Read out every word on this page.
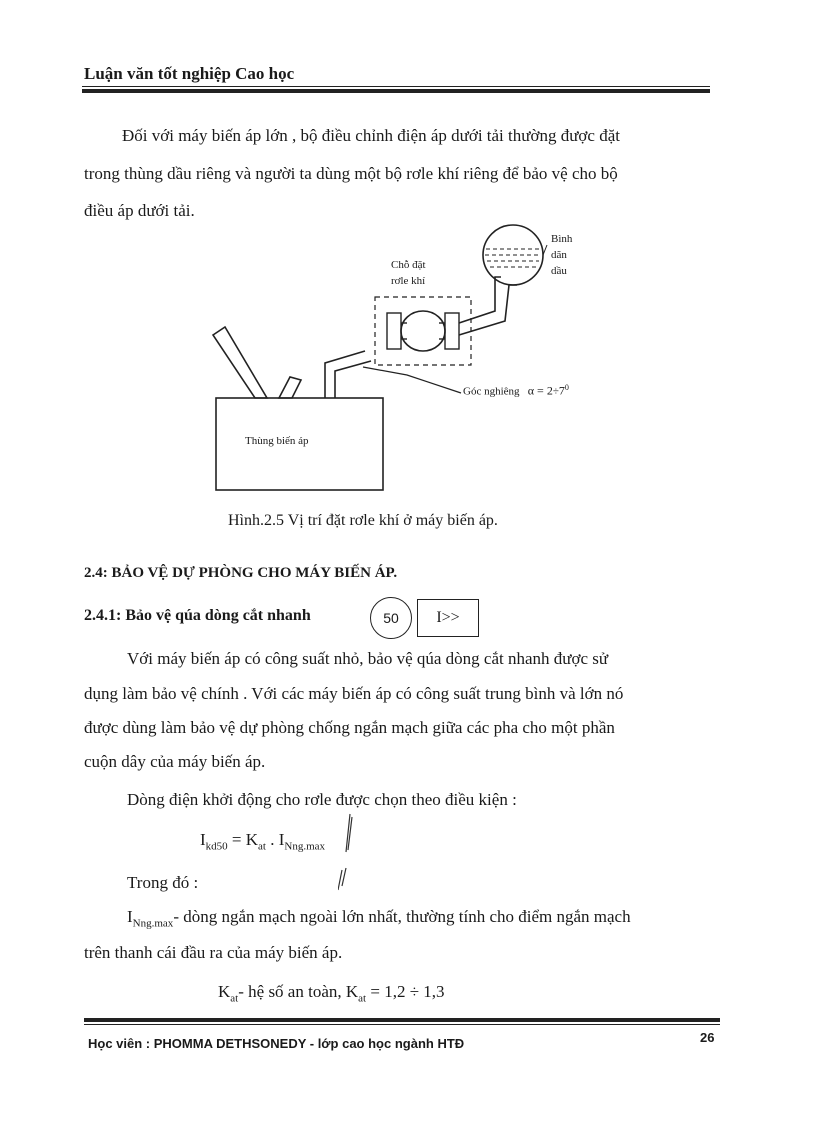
Luận văn tốt nghiệp Cao học
Đối với máy biến áp lớn , bộ điều chỉnh điện áp dưới tải thường được đặt
trong thùng dầu riêng và người ta dùng một bộ rơle khí riêng để bảo vệ cho bộ
điều áp dưới tải.
Thùng biến áp
Chỗ đặt
rơle khí
Bình
dãn
dầu
Góc nghiêng $\alpha = 2\div 7^0$
Hình.2.5 Vị trí đặt rơle khí ở máy biến áp.
2.4: BẢO VỆ DỰ PHÒNG CHO MÁY BIẾN ÁP.
2.4.1: Bảo vệ qúa dòng cắt nhanh	50	I>>
Với máy biến áp có công suất nhỏ, bảo vệ qúa dòng cắt nhanh được sử
dụng làm bảo vệ chính . Với các máy biến áp có công suất trung bình và lớn nó
được dùng làm bảo vệ dự phòng chống ngắn mạch giữa các pha cho một phần
cuộn dây của máy biến áp.
Dòng điện khởi động cho rơle được chọn theo điều kiện :
$I_{kd50} = K_{at}$ . $I_{Nng.max}$
Trong đó :
$I_{Nng.max}-$ dòng ngắn mạch ngoài lớn nhất, thường tính cho điểm ngắn mạch
trên thanh cái đầu ra của máy biến áp.
$K_{at}-$ hệ số an toàn, $K_{at} = 1,2 \div 1,3$
Học viên : PHOMMA DETHSONEDY - lớp cao học ngành HTĐ	26
